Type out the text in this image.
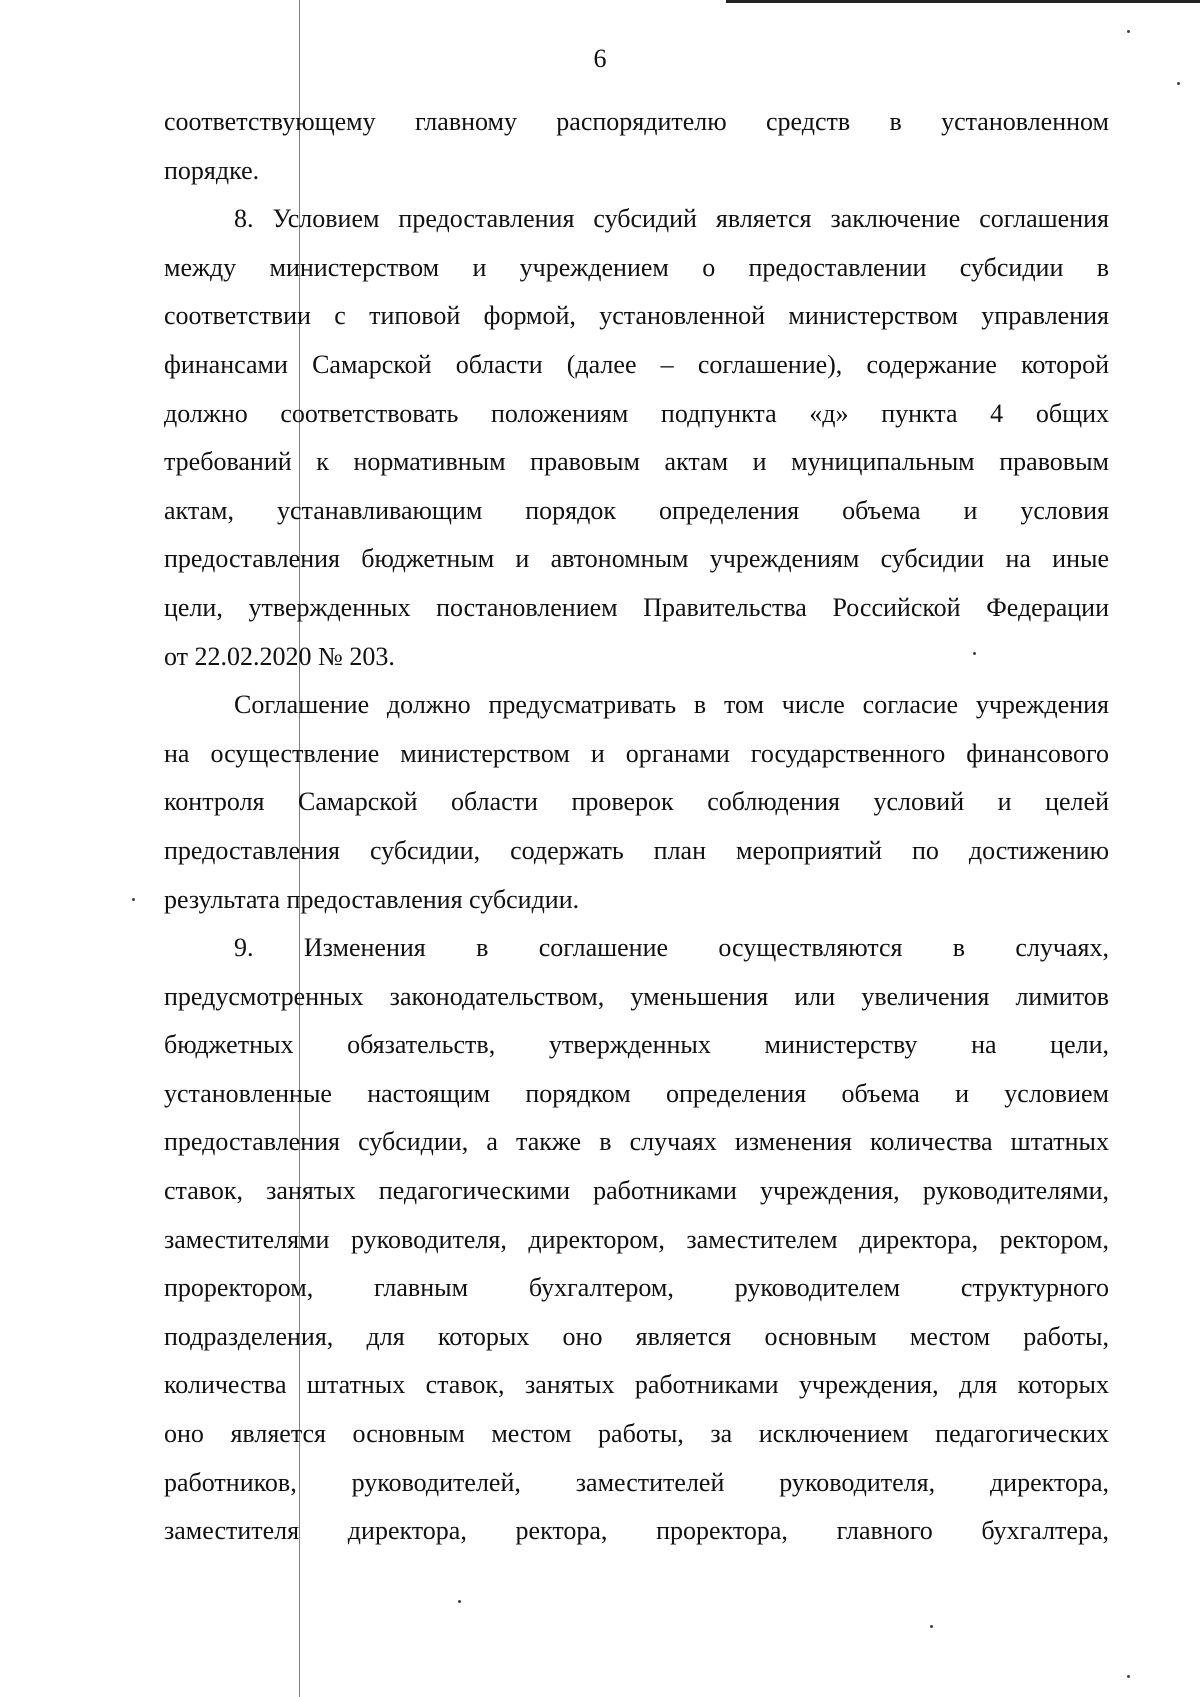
6
соответствующему главному распорядителю средств в установленном
порядке.
8. Условием предоставления субсидий является заключение соглашения
между министерством и учреждением о предоставлении субсидии в
соответствии с типовой формой, установленной министерством управления
финансами Самарской области (далее – соглашение), содержание которой
должно соответствовать положениям подпункта «д» пункта 4 общих
требований к нормативным правовым актам и муниципальным правовым
актам, устанавливающим порядок определения объема и условия
предоставления бюджетным и автономным учреждениям субсидии на иные
цели, утвержденных постановлением Правительства Российской Федерации
от 22.02.2020 № 203.
Соглашение должно предусматривать в том числе согласие учреждения
на осуществление министерством и органами государственного финансового
контроля Самарской области проверок соблюдения условий и целей
предоставления субсидии, содержать план мероприятий по достижению
результата предоставления субсидии.
9. Изменения в соглашение осуществляются в случаях,
предусмотренных законодательством, уменьшения или увеличения лимитов
бюджетных обязательств, утвержденных министерству на цели,
установленные настоящим порядком определения объема и условием
предоставления субсидии, а также в случаях изменения количества штатных
ставок, занятых педагогическими работниками учреждения, руководителями,
заместителями руководителя, директором, заместителем директора, ректором,
проректором, главным бухгалтером, руководителем структурного
подразделения, для которых оно является основным местом работы,
количества штатных ставок, занятых работниками учреждения, для которых
оно является основным местом работы, за исключением педагогических
работников, руководителей, заместителей руководителя, директора,
заместителя директора, ректора, проректора, главного бухгалтера,
